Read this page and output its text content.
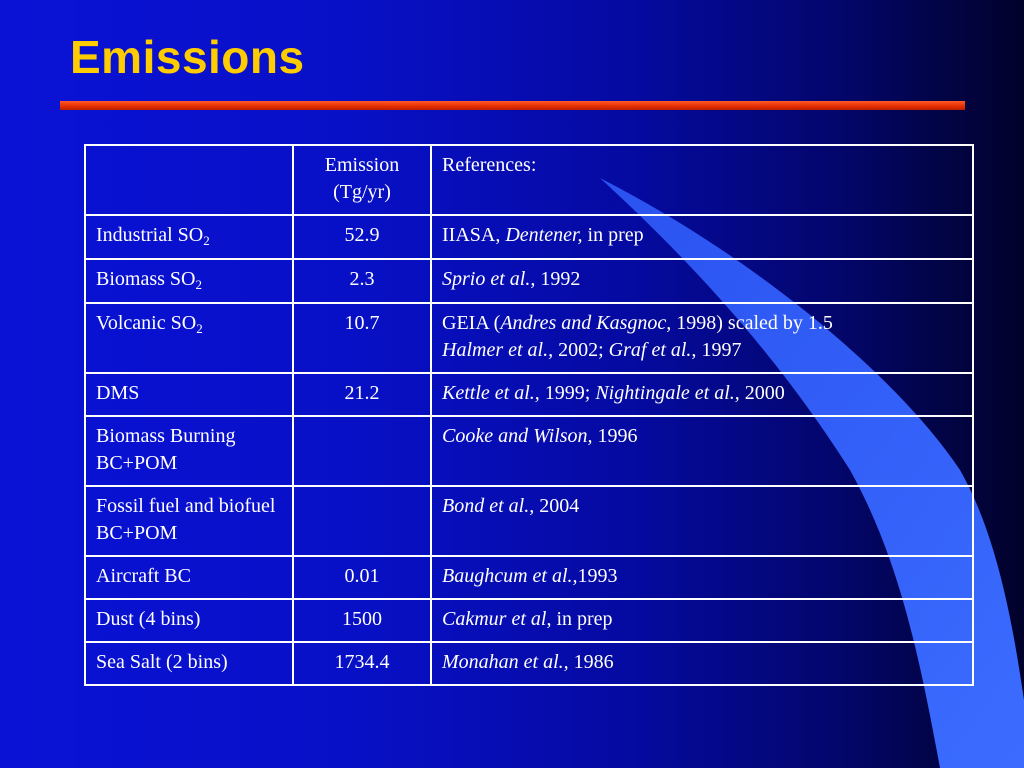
Emissions
	Emission (Tg/yr)	References:
Industrial $SO_2$	52.9	IIASA, Dentener, in prep

Biomass $SO_2$	2.3	Sprio et al., 1992

Volcanic $SO_2$	10.7	GEIA (Andres and Kasgnoc, 1998) scaled by 1.5
Halmer et al., 2002; Graf et al., 1997

DMS	21.2	Kettle et al., 1999; Nightingale et al., 2000

Biomass Burning BC+POM		Cooke and Wilson, 1996

Fossil fuel and biofuel BC+POM		Bond et al., 2004

Aircraft BC	0.01	Baughcum et al.,1993

Dust (4 bins)	1500	Cakmur et al, in prep

Sea Salt (2 bins)	1734.4	Monahan et al., 1986
